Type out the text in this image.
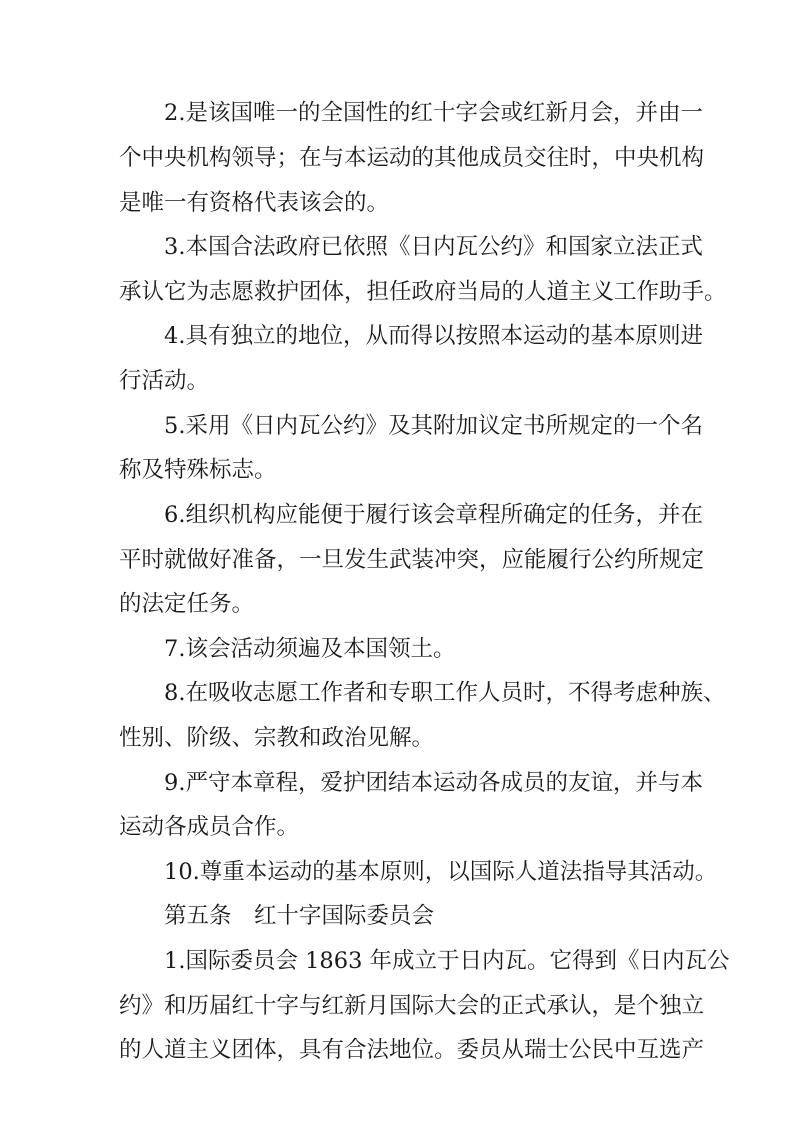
2.是该国唯一的全国性的红十字会或红新月会，并由一
个中央机构领导；在与本运动的其他成员交往时，中央机构
是唯一有资格代表该会的。
3.本国合法政府已依照《日内瓦公约》和国家立法正式
承认它为志愿救护团体，担任政府当局的人道主义工作助手。
4.具有独立的地位，从而得以按照本运动的基本原则进
行活动。
5.采用《日内瓦公约》及其附加议定书所规定的一个名
称及特殊标志。
6.组织机构应能便于履行该会章程所确定的任务，并在
平时就做好准备，一旦发生武装冲突，应能履行公约所规定
的法定任务。
7.该会活动须遍及本国领土。
8.在吸收志愿工作者和专职工作人员时，不得考虑种族、
性别、阶级、宗教和政治见解。
9.严守本章程，爱护团结本运动各成员的友谊，并与本
运动各成员合作。
10.尊重本运动的基本原则，以国际人道法指导其活动。
第五条　红十字国际委员会
1.国际委员会 1863 年成立于日内瓦。它得到《日内瓦公
约》和历届红十字与红新月国际大会的正式承认，是个独立
的人道主义团体，具有合法地位。委员从瑞士公民中互选产
